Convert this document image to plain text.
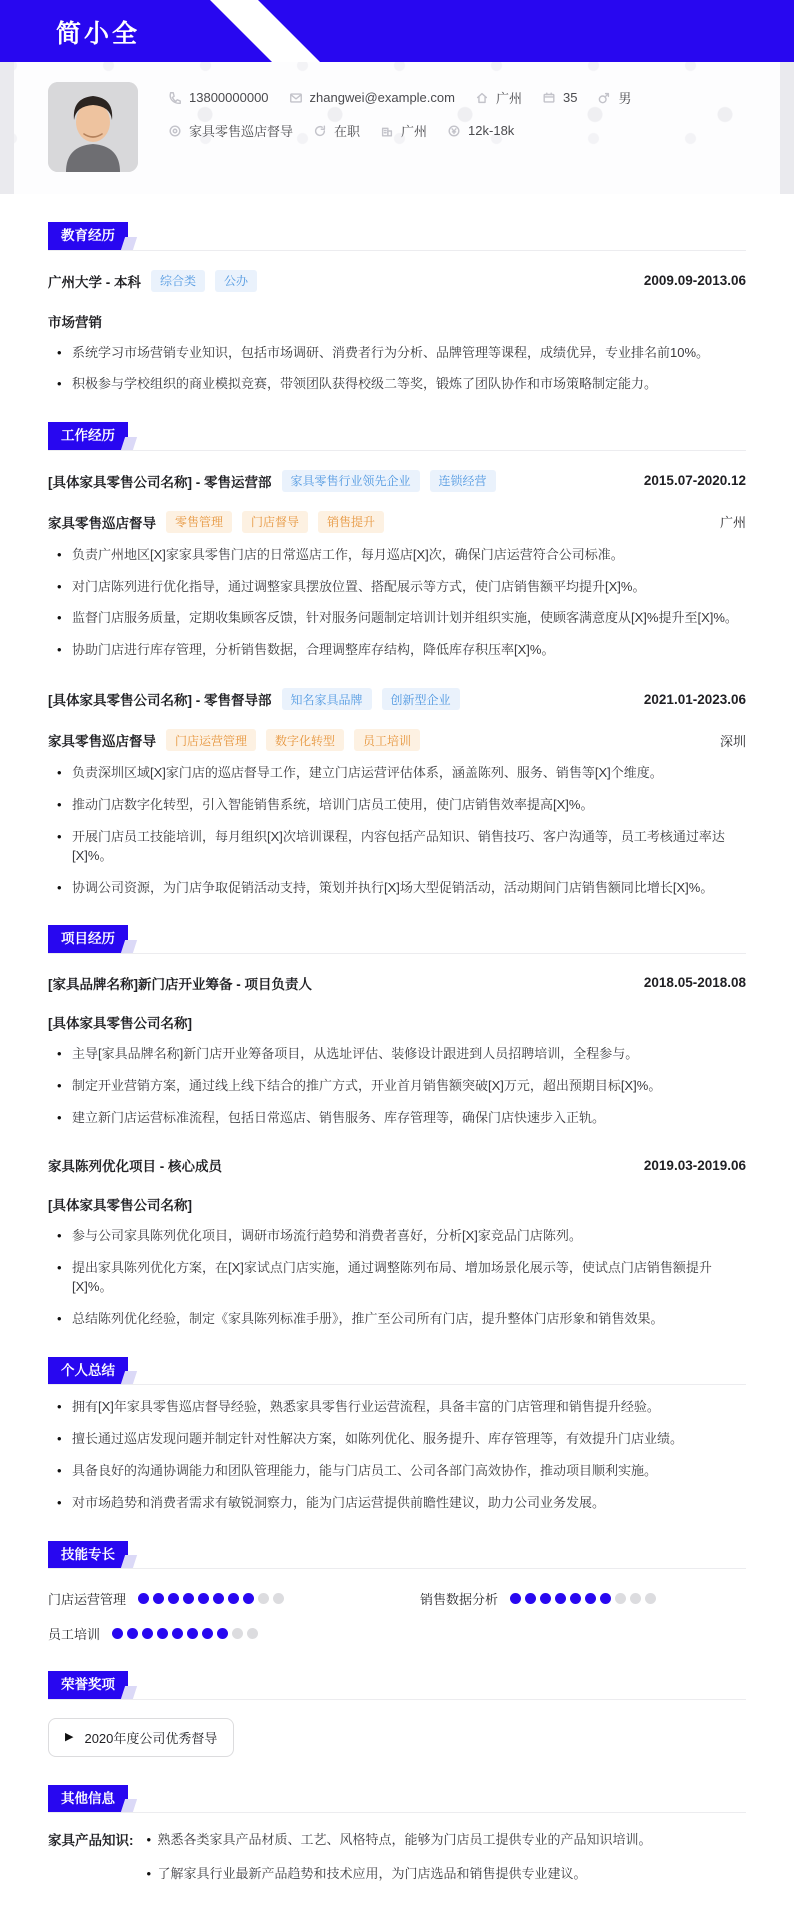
简小全
13800000000	zhangwei@example.com	广州	35	男
家具零售巡店督导	在职	广州	12k-18k
教育经历
广州大学 - 本科	综合类	公办	2009.09-2013.06
市场营销
• 系统学习市场营销专业知识，包括市场调研、消费者行为分析、品牌管理等课程，成绩优异，专业排名前10%。
• 积极参与学校组织的商业模拟竞赛，带领团队获得校级二等奖，锻炼了团队协作和市场策略制定能力。
工作经历
[具体家具零售公司名称] - 零售运营部	家具零售行业领先企业	连锁经营	2015.07-2020.12
家具零售巡店督导	零售管理	门店督导	销售提升	广州
• 负责广州地区[X]家家具零售门店的日常巡店工作，每月巡店[X]次，确保门店运营符合公司标准。
• 对门店陈列进行优化指导，通过调整家具摆放位置、搭配展示等方式，使门店销售额平均提升[X]%。
• 监督门店服务质量，定期收集顾客反馈，针对服务问题制定培训计划并组织实施，使顾客满意度从[X]%提升至[X]%。
• 协助门店进行库存管理，分析销售数据，合理调整库存结构，降低库存积压率[X]%。
[具体家具零售公司名称] - 零售督导部	知名家具品牌	创新型企业	2021.01-2023.06
家具零售巡店督导	门店运营管理	数字化转型	员工培训	深圳
• 负责深圳区域[X]家门店的巡店督导工作，建立门店运营评估体系，涵盖陈列、服务、销售等[X]个维度。
• 推动门店数字化转型，引入智能销售系统，培训门店员工使用，使门店销售效率提高[X]%。
• 开展门店员工技能培训，每月组织[X]次培训课程，内容包括产品知识、销售技巧、客户沟通等，员工考核通过率达[X]%。
• 协调公司资源，为门店争取促销活动支持，策划并执行[X]场大型促销活动，活动期间门店销售额同比增长[X]%。
项目经历
[家具品牌名称]新门店开业筹备 - 项目负责人	2018.05-2018.08
[具体家具零售公司名称]
• 主导[家具品牌名称]新门店开业筹备项目，从选址评估、装修设计跟进到人员招聘培训，全程参与。
• 制定开业营销方案，通过线上线下结合的推广方式，开业首月销售额突破[X]万元，超出预期目标[X]%。
• 建立新门店运营标准流程，包括日常巡店、销售服务、库存管理等，确保门店快速步入正轨。
家具陈列优化项目 - 核心成员	2019.03-2019.06
[具体家具零售公司名称]
• 参与公司家具陈列优化项目，调研市场流行趋势和消费者喜好，分析[X]家竞品门店陈列。
• 提出家具陈列优化方案，在[X]家试点门店实施，通过调整陈列布局、增加场景化展示等，使试点门店销售额提升[X]%。
• 总结陈列优化经验，制定《家具陈列标准手册》，推广至公司所有门店，提升整体门店形象和销售效果。
个人总结
• 拥有[X]年家具零售巡店督导经验，熟悉家具零售行业运营流程，具备丰富的门店管理和销售提升经验。
• 擅长通过巡店发现问题并制定针对性解决方案，如陈列优化、服务提升、库存管理等，有效提升门店业绩。
• 具备良好的沟通协调能力和团队管理能力，能与门店员工、公司各部门高效协作，推动项目顺利实施。
• 对市场趋势和消费者需求有敏锐洞察力，能为门店运营提供前瞻性建议，助力公司业务发展。
技能专长
门店运营管理	销售数据分析
员工培训
荣誉奖项
▶ 2020年度公司优秀督导
其他信息
家具产品知识:	• 熟悉各类家具产品材质、工艺、风格特点，能够为门店员工提供专业的产品知识培训。
• 了解家具行业最新产品趋势和技术应用，为门店选品和销售提供专业建议。
